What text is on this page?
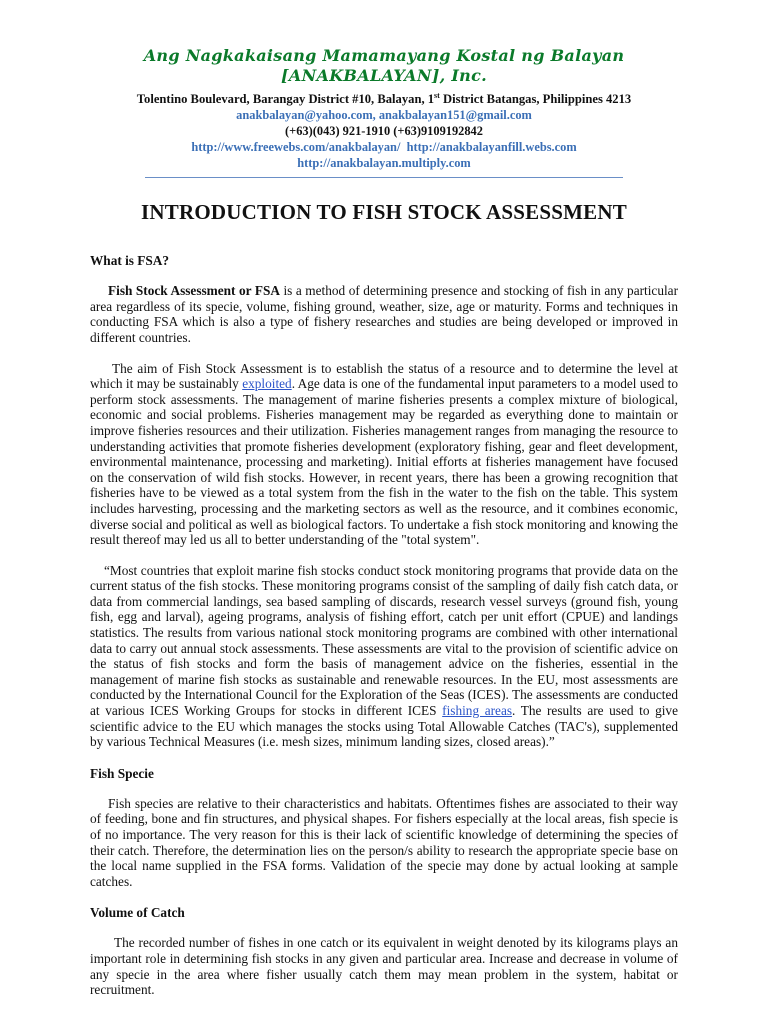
Ang Nagkakaisang Mamamayang Kostal ng Balayan [ANAKBALAYAN], Inc.
Tolentino Boulevard, Barangay District #10, Balayan, 1st District Batangas, Philippines 4213
anakbalayan@yahoo.com, anakbalayan151@gmail.com
(+63)(043) 921-1910 (+63)9109192842
http://www.freewebs.com/anakbalayan/ http://anakbalayanfill.webs.com
http://anakbalayan.multiply.com
INTRODUCTION TO FISH STOCK ASSESSMENT
What is FSA?

Fish Stock Assessment or FSA is a method of determining presence and stocking of fish in any particular area regardless of its specie, volume, fishing ground, weather, size, age or maturity. Forms and techniques in conducting FSA which is also a type of fishery researches and studies are being developed or improved in different countries.

The aim of Fish Stock Assessment is to establish the status of a resource and to determine the level at which it may be sustainably exploited. Age data is one of the fundamental input parameters to a model used to perform stock assessments. The management of marine fisheries presents a complex mixture of biological, economic and social problems. Fisheries management may be regarded as everything done to maintain or improve fisheries resources and their utilization. Fisheries management ranges from managing the resource to understanding activities that promote fisheries development (exploratory fishing, gear and fleet development, environmental maintenance, processing and marketing). Initial efforts at fisheries management have focused on the conservation of wild fish stocks. However, in recent years, there has been a growing recognition that fisheries have to be viewed as a total system from the fish in the water to the fish on the table. This system includes harvesting, processing and the marketing sectors as well as the resource, and it combines economic, diverse social and political as well as biological factors. To undertake a fish stock monitoring and knowing the result thereof may led us all to better understanding of the "total system".

“Most countries that exploit marine fish stocks conduct stock monitoring programs that provide data on the current status of the fish stocks. These monitoring programs consist of the sampling of daily fish catch data, or data from commercial landings, sea based sampling of discards, research vessel surveys (ground fish, young fish, egg and larval), ageing programs, analysis of fishing effort, catch per unit effort (CPUE) and landings statistics. The results from various national stock monitoring programs are combined with other international data to carry out annual stock assessments. These assessments are vital to the provision of scientific advice on the status of fish stocks and form the basis of management advice on the fisheries, essential in the management of marine fish stocks as sustainable and renewable resources. In the EU, most assessments are conducted by the International Council for the Exploration of the Seas (ICES). The assessments are conducted at various ICES Working Groups for stocks in different ICES fishing areas. The results are used to give scientific advice to the EU which manages the stocks using Total Allowable Catches (TAC's), supplemented by various Technical Measures (i.e. mesh sizes, minimum landing sizes, closed areas).”

Fish Specie

Fish species are relative to their characteristics and habitats. Oftentimes fishes are associated to their way of feeding, bone and fin structures, and physical shapes. For fishers especially at the local areas, fish specie is of no importance. The very reason for this is their lack of scientific knowledge of determining the species of their catch. Therefore, the determination lies on the person/s ability to research the appropriate specie base on the local name supplied in the FSA forms. Validation of the specie may done by actual looking at sample catches.

Volume of Catch

The recorded number of fishes in one catch or its equivalent in weight denoted by its kilograms plays an important role in determining fish stocks in any given and particular area. Increase and decrease in volume of any specie in the area where fisher usually catch them may mean problem in the system, habitat or recruitment.
